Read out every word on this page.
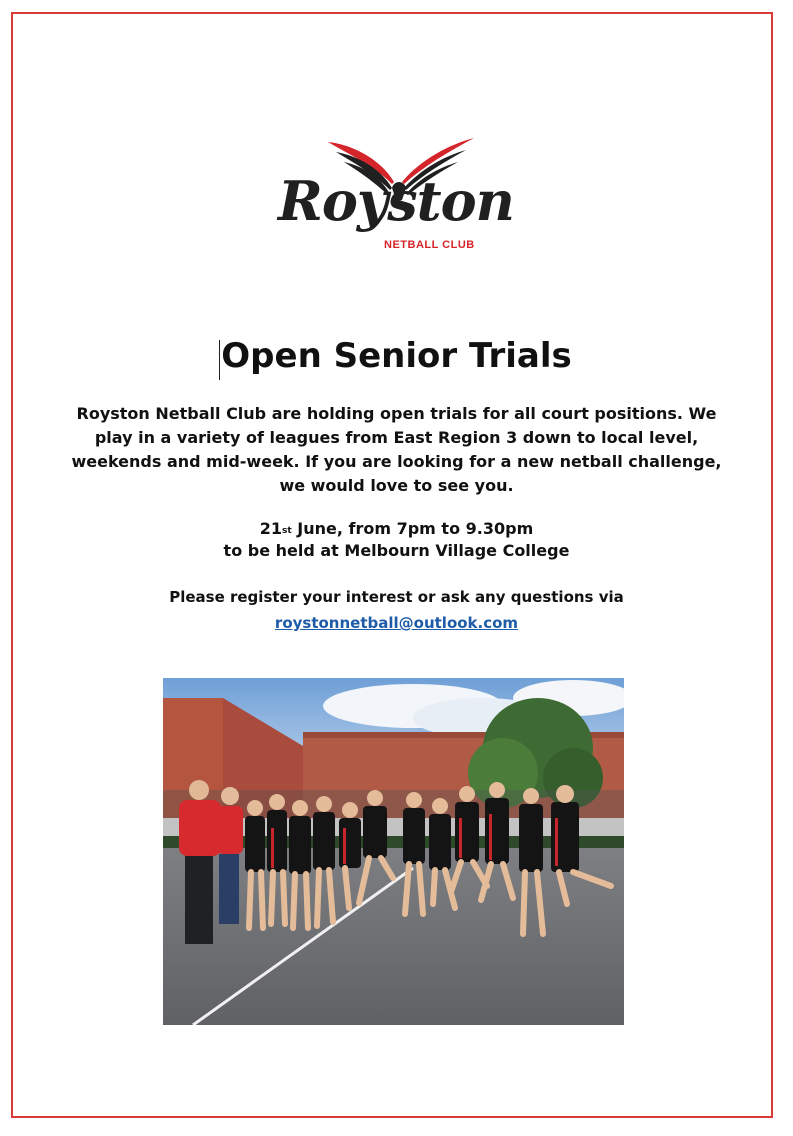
Royston
NETBALL CLUB
Open Senior Trials

Royston Netball Club are holding open trials for all court positions. We play in a variety of leagues from East Region 3 down to local level, weekends and mid-week. If you are looking for a new netball challenge, we would love to see you.

21st June, from 7pm to 9.30pm
to be held at Melbourn Village College
Please register your interest or ask any questions via
roystonnetball@outlook.com
